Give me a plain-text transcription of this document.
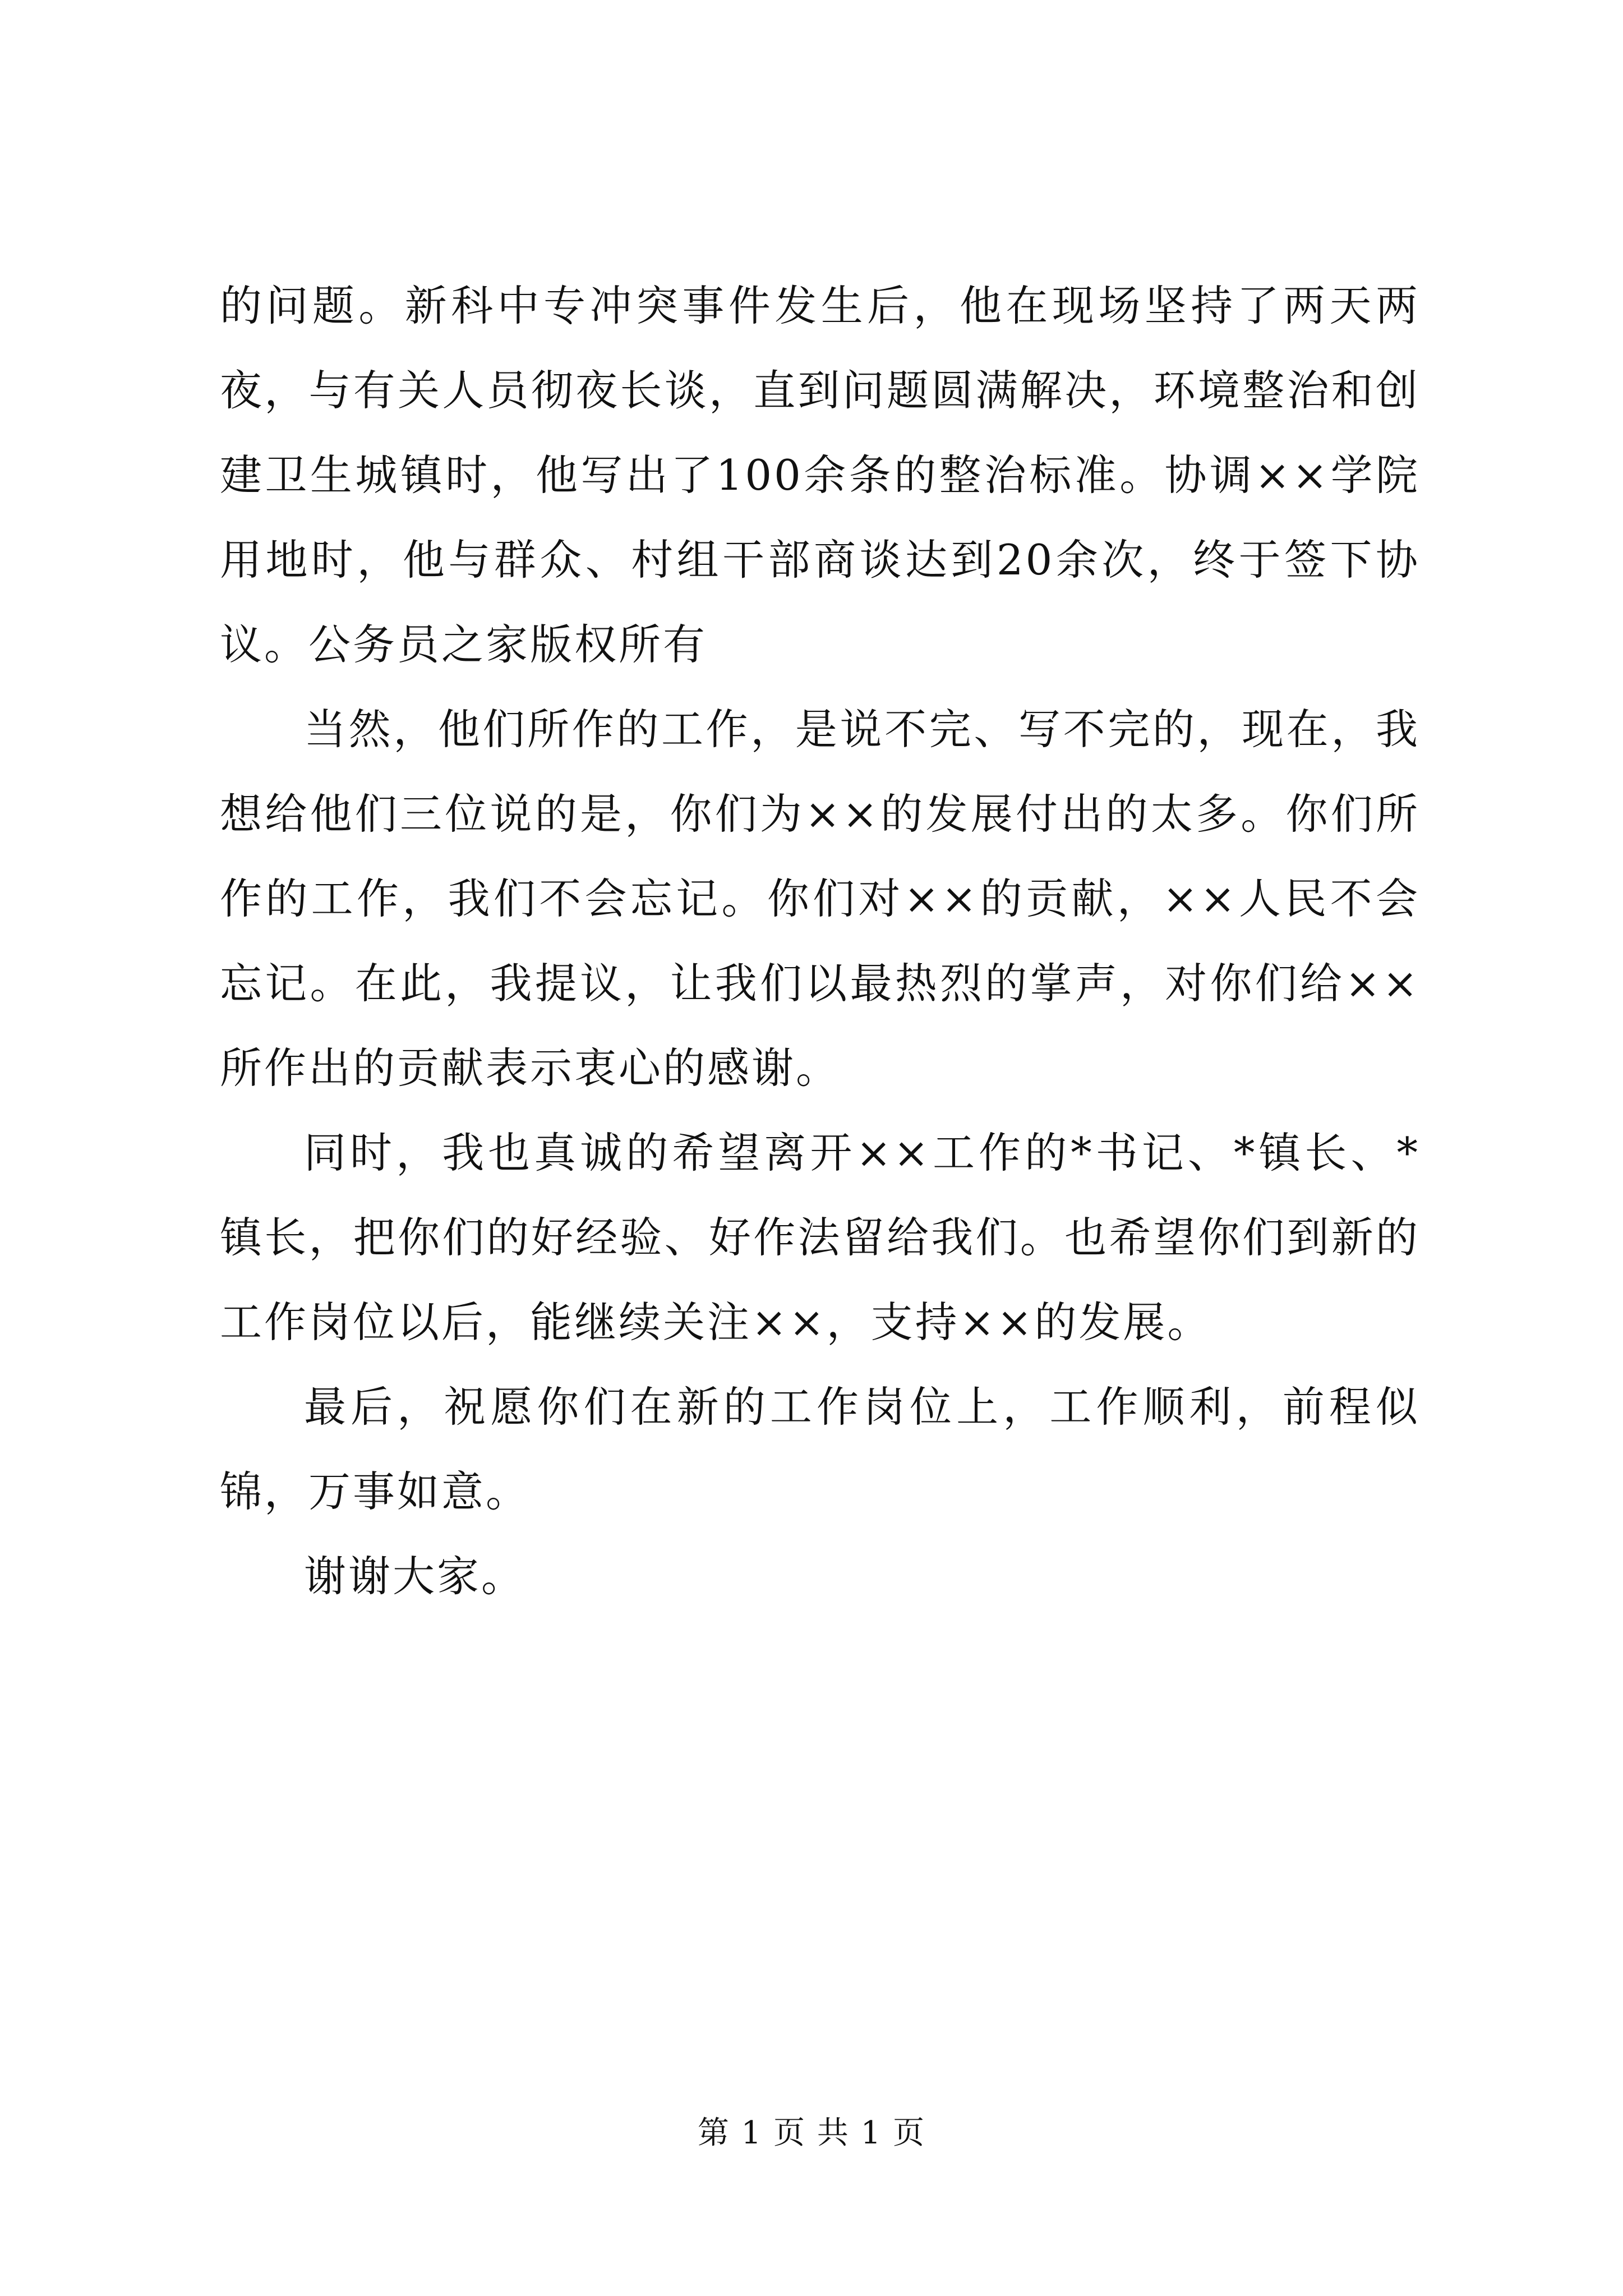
的问题。新科中专冲突事件发生后，他在现场坚持了两天两夜，与有关人员彻夜长谈，直到问题圆满解决，环境整治和创建卫生城镇时，他写出了100余条的整治标准。协调××学院用地时，他与群众、村组干部商谈达到20余次，终于签下协议。公务员之家版权所有

当然，他们所作的工作，是说不完、写不完的，现在，我想给他们三位说的是，你们为××的发展付出的太多。你们所作的工作，我们不会忘记。你们对××的贡献，××人民不会忘记。在此，我提议，让我们以最热烈的掌声，对你们给××所作出的贡献表示衷心的感谢。

同时，我也真诚的希望离开××工作的*书记、*镇长、*镇长，把你们的好经验、好作法留给我们。也希望你们到新的工作岗位以后，能继续关注××，支持××的发展。

最后，祝愿你们在新的工作岗位上，工作顺利，前程似锦，万事如意。

谢谢大家。

第 1 页 共 1 页
